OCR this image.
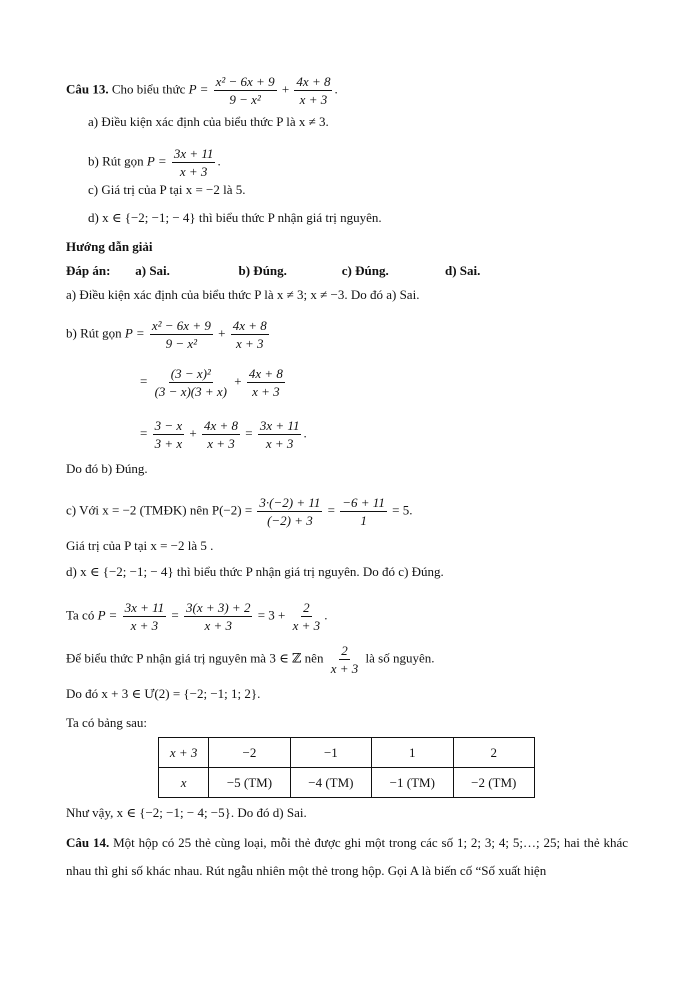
Câu 13. Cho biểu thức $P = \frac{\text{x² − 6x + 9}}{\text{9 − x²}} + \frac{4x + 8}{x + 3}$ .
a) Điều kiện xác định của biểu thức P là x ≠ 3.
b) Rút gọn $P = \frac{3x + 11}{x + 3}$ .
c) Giá trị của P tại x = −2 là 5.
d) x ∈ {−2; −1; − 4} thì biểu thức P nhận giá trị nguyên.
Hướng dẫn giải
Đáp án: a) Sai.	b) Đúng.	c) Đúng.	d) Sai.
a) Điều kiện xác định của biểu thức P là x ≠ 3; x ≠ −3. Do đó a) Sai.
b) Rút gọn $P = \frac{\text{x² − 6x + 9}}{\text{9 − x²}} + \frac{4x + 8}{x + 3}$
= $\frac{\text{(3 − x)²}}{(3 - x)(3 + x)} + \frac{4x + 8}{x + 3}$
= $\frac{3 - x}{3 + x} + \frac{4x + 8}{x + 3} = \frac{3x + 11}{x + 3}$ .
Do đó b) Đúng.
c) Với x = −2 (TMĐK) nên $P(-2) = \frac{3\cdot(-2) + 11}{(-2) + 3} = \frac{-6 + 11}{1} = 5$.
Giá trị của P tại x = −2 là 5 .
d) x ∈ {−2; −1; − 4} thì biểu thức P nhận giá trị nguyên. Do đó c) Đúng.
Ta có $P = \frac{3x + 11}{x + 3} = \frac{3(x + 3) + 2}{x + 3} = 3 + \frac{2}{x + 3}$ .
Để biểu thức P nhận giá trị nguyên mà 3 ∈ ℤ nên $\frac{2}{x + 3}$ là số nguyên.
Do đó x + 3 ∈ Ư(2) = {−2; −1; 1; 2}.
Ta có bảng sau:
x + 3	−2	−1	1	2
x	−5 (TM)	−4 (TM)	−1 (TM)	−2 (TM)
Như vậy, x ∈ {−2; −1; − 4; −5}. Do đó d) Sai.
Câu 14. Một hộp có 25 thẻ cùng loại, mỗi thẻ được ghi một trong các số 1; 2; 3; 4; 5;…; 25; hai thẻ khác nhau thì ghi số khác nhau. Rút ngẫu nhiên một thẻ trong hộp. Gọi A là biến cố “Số xuất hiện
